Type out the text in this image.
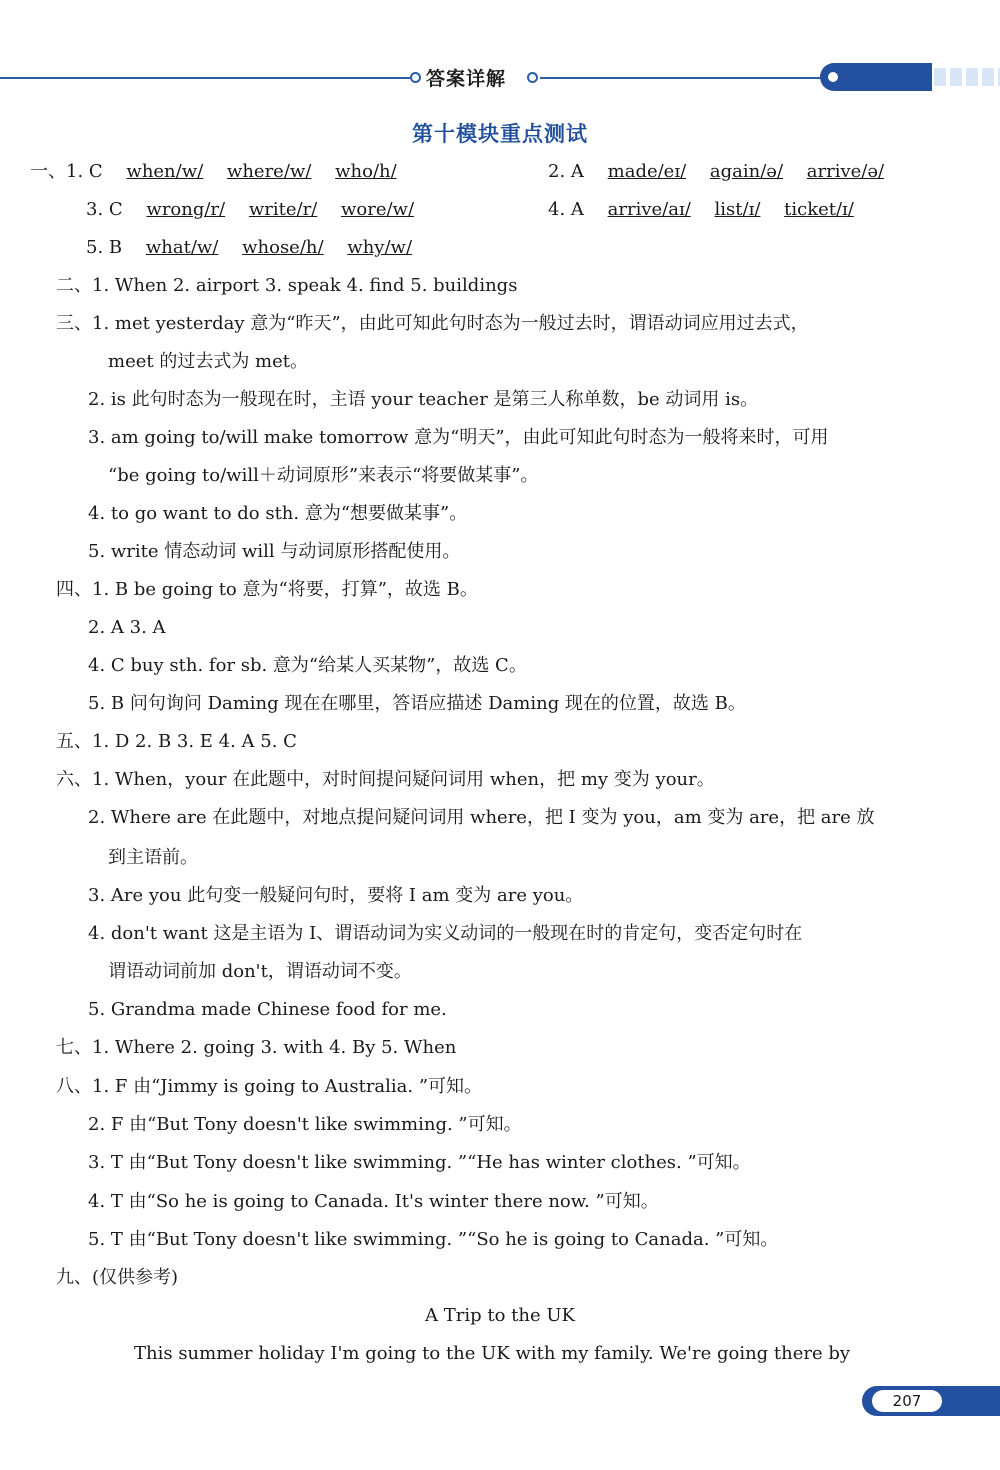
答案详解
第十模块重点测试
一、1. C when/w/ where/w/ who/h/	2. A made/eɪ/ again/ə/ arrive/ə/
3. C wrong/r/ write/r/ wore/w/	4. A arrive/aɪ/ list/ɪ/ ticket/ɪ/
5. B what/w/ whose/h/ why/w/
二、1. When 2. airport 3. speak 4. find 5. buildings
三、1. met yesterday 意为“昨天”，由此可知此句时态为一般过去时，谓语动词应用过去式，
meet 的过去式为 met。
2. is 此句时态为一般现在时，主语 your teacher 是第三人称单数，be 动词用 is。
3. am going to/will make tomorrow 意为“明天”，由此可知此句时态为一般将来时，可用
“be going to/will＋动词原形”来表示“将要做某事”。
4. to go want to do sth. 意为“想要做某事”。
5. write 情态动词 will 与动词原形搭配使用。
四、1. B be going to 意为“将要，打算”，故选 B。
2. A 3. A
4. C buy sth. for sb. 意为“给某人买某物”，故选 C。
5. B 问句询问 Daming 现在在哪里，答语应描述 Daming 现在的位置，故选 B。
五、1. D 2. B 3. E 4. A 5. C
六、1. When，your 在此题中，对时间提问疑问词用 when，把 my 变为 your。
2. Where are 在此题中，对地点提问疑问词用 where，把 I 变为 you，am 变为 are，把 are 放
到主语前。
3. Are you 此句变一般疑问句时，要将 I am 变为 are you。
4. don't want 这是主语为 I、谓语动词为实义动词的一般现在时的肯定句，变否定句时在
谓语动词前加 don't，谓语动词不变。
5. Grandma made Chinese food for me.
七、1. Where 2. going 3. with 4. By 5. When
八、1. F 由“Jimmy is going to Australia. ”可知。
2. F 由“But Tony doesn't like swimming. ”可知。
3. T 由“But Tony doesn't like swimming. ”“He has winter clothes. ”可知。
4. T 由“So he is going to Canada. It's winter there now. ”可知。
5. T 由“But Tony doesn't like swimming. ”“So he is going to Canada. ”可知。
九、(仅供参考)
A Trip to the UK
This summer holiday I'm going to the UK with my family. We're going there by
207
